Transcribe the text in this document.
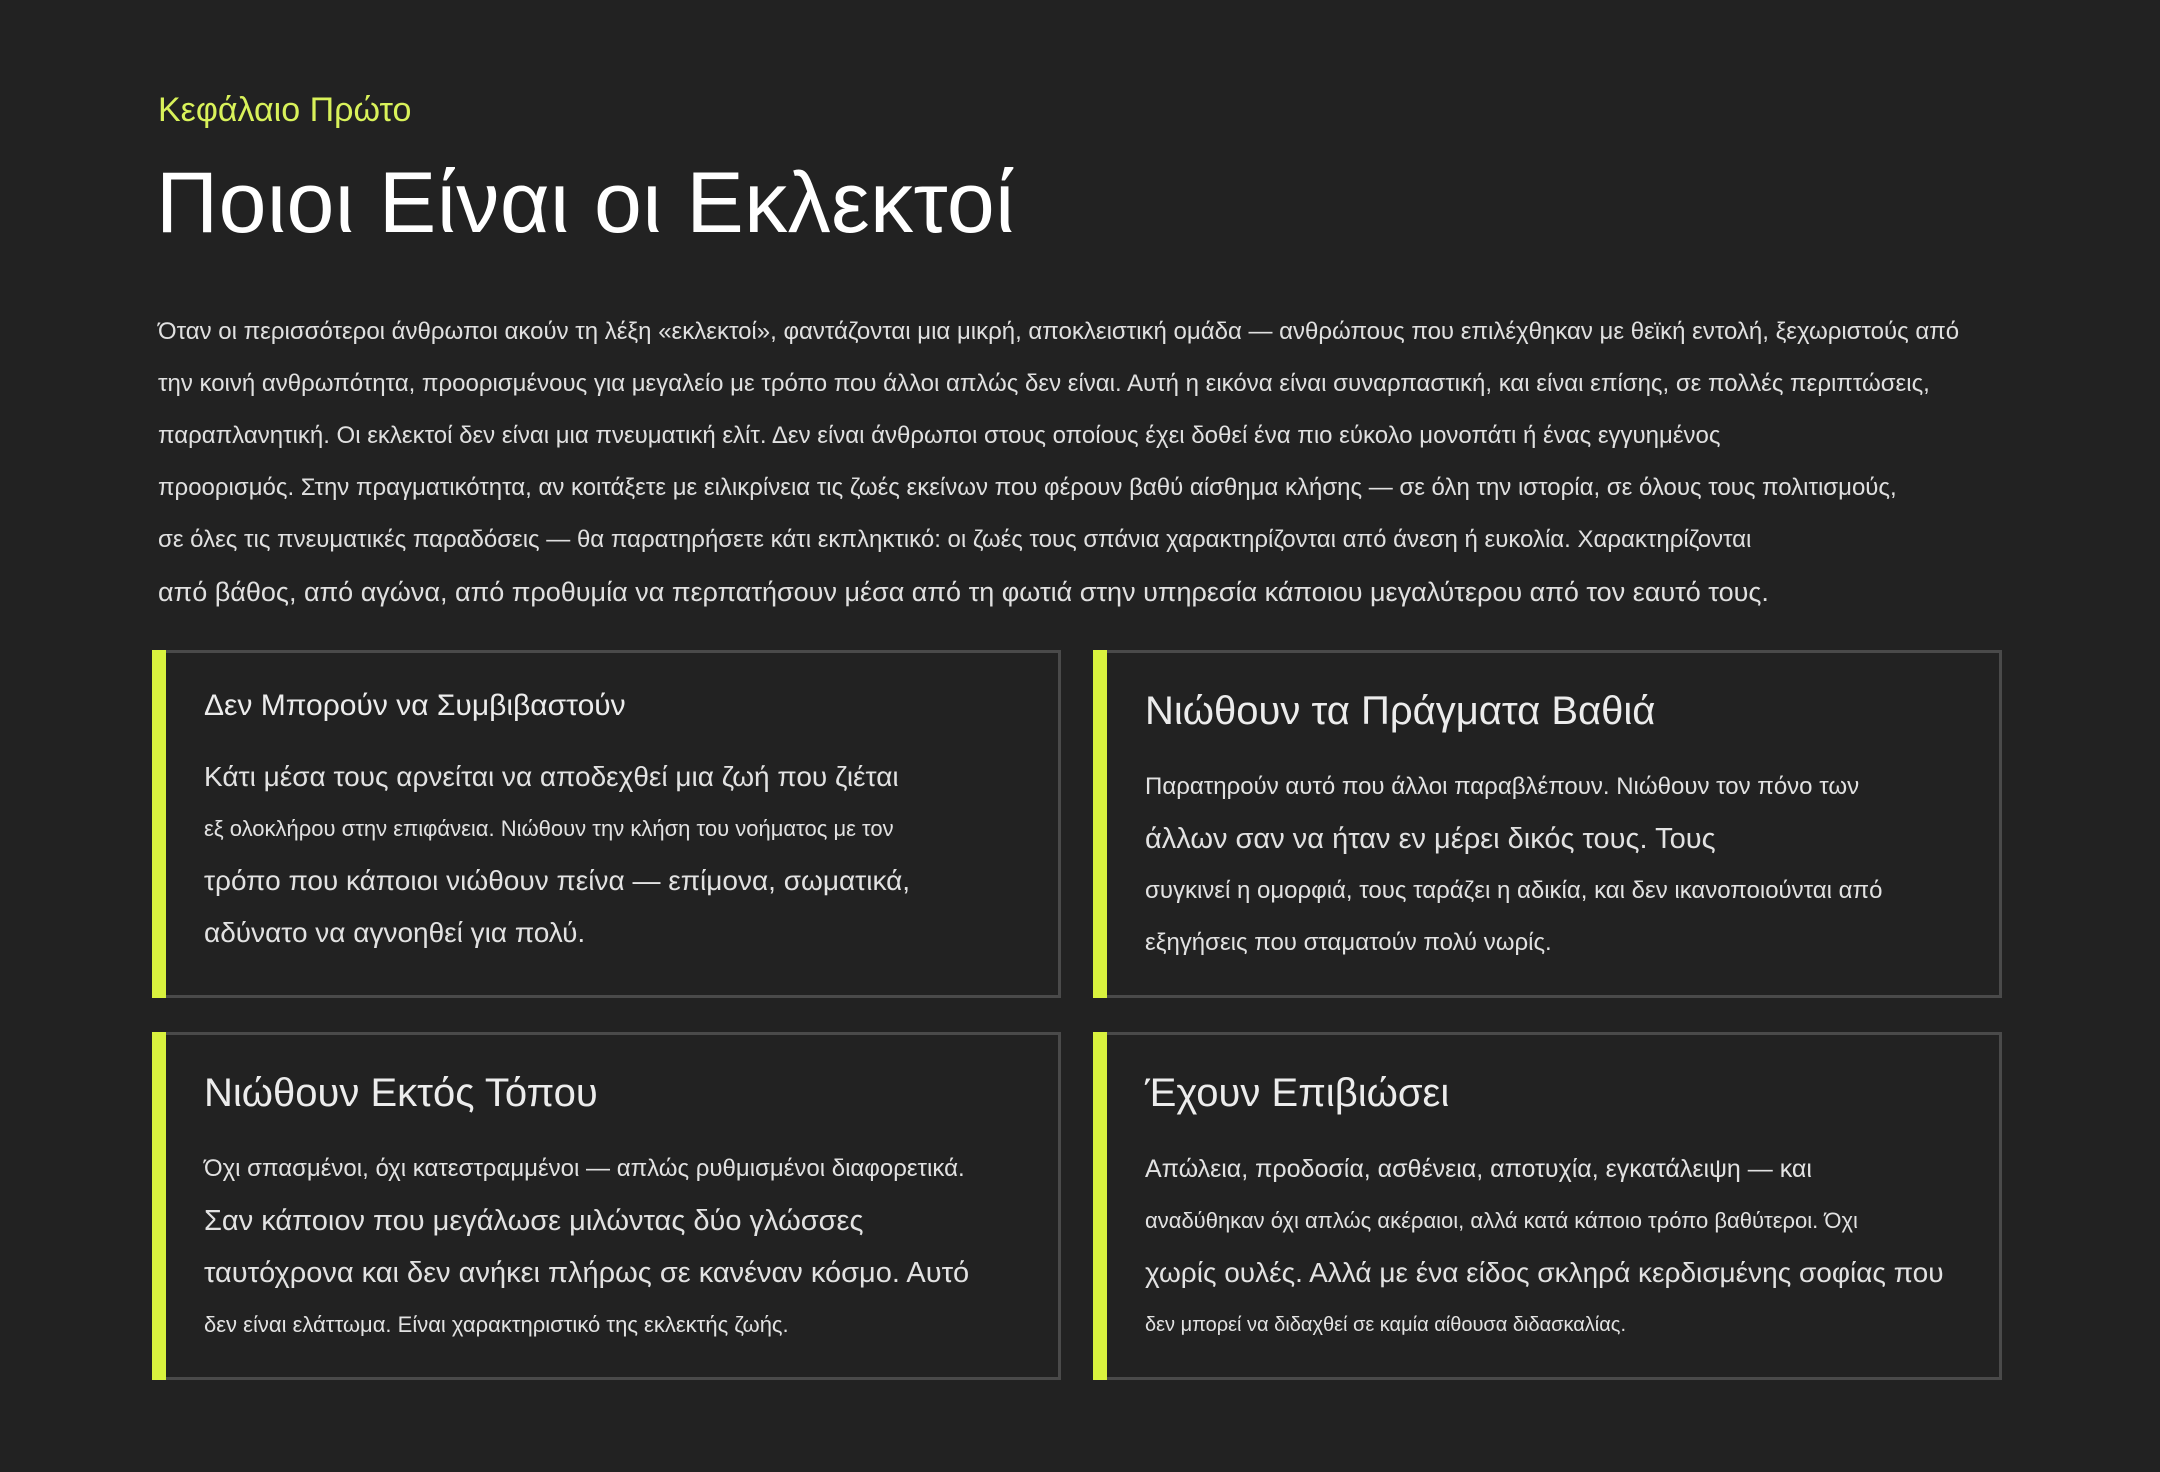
Κεφάλαιο Πρώτο

Ποιοι Είναι οι Εκλεκτοί
Όταν οι περισσότεροι άνθρωποι ακούν τη λέξη «εκλεκτοί», φαντάζονται μια μικρή, αποκλειστική ομάδα — ανθρώπους που επιλέχθηκαν με θεϊκή εντολή, ξεχωριστούς από
την κοινή ανθρωπότητα, προορισμένους για μεγαλείο με τρόπο που άλλοι απλώς δεν είναι. Αυτή η εικόνα είναι συναρπαστική, και είναι επίσης, σε πολλές περιπτώσεις,
παραπλανητική. Οι εκλεκτοί δεν είναι μια πνευματική ελίτ. Δεν είναι άνθρωποι στους οποίους έχει δοθεί ένα πιο εύκολο μονοπάτι ή ένας εγγυημένος
προορισμός. Στην πραγματικότητα, αν κοιτάξετε με ειλικρίνεια τις ζωές εκείνων που φέρουν βαθύ αίσθημα κλήσης — σε όλη την ιστορία, σε όλους τους πολιτισμούς,
σε όλες τις πνευματικές παραδόσεις — θα παρατηρήσετε κάτι εκπληκτικό: οι ζωές τους σπάνια χαρακτηρίζονται από άνεση ή ευκολία. Χαρακτηρίζονται
από βάθος, από αγώνα, από προθυμία να περπατήσουν μέσα από τη φωτιά στην υπηρεσία κάποιου μεγαλύτερου από τον εαυτό τους.
Δεν Μπορούν να Συμβιβαστούν
Κάτι μέσα τους αρνείται να αποδεχθεί μια ζωή που ζιέται
εξ ολοκλήρου στην επιφάνεια. Νιώθουν την κλήση του νοήματος με τον
τρόπο που κάποιοι νιώθουν πείνα — επίμονα, σωματικά,
αδύνατο να αγνοηθεί για πολύ.
Νιώθουν τα Πράγματα Βαθιά
Παρατηρούν αυτό που άλλοι παραβλέπουν. Νιώθουν τον πόνο των
άλλων σαν να ήταν εν μέρει δικός τους. Τους
συγκινεί η ομορφιά, τους ταράζει η αδικία, και δεν ικανοποιούνται από
εξηγήσεις που σταματούν πολύ νωρίς.
Νιώθουν Εκτός Τόπου
Όχι σπασμένοι, όχι κατεστραμμένοι — απλώς ρυθμισμένοι διαφορετικά.
Σαν κάποιον που μεγάλωσε μιλώντας δύο γλώσσες
ταυτόχρονα και δεν ανήκει πλήρως σε κανέναν κόσμο. Αυτό
δεν είναι ελάττωμα. Είναι χαρακτηριστικό της εκλεκτής ζωής.
Έχουν Επιβιώσει
Απώλεια, προδοσία, ασθένεια, αποτυχία, εγκατάλειψη — και
αναδύθηκαν όχι απλώς ακέραιοι, αλλά κατά κάποιο τρόπο βαθύτεροι. Όχι
χωρίς ουλές. Αλλά με ένα είδος σκληρά κερδισμένης σοφίας που
δεν μπορεί να διδαχθεί σε καμία αίθουσα διδασκαλίας.
